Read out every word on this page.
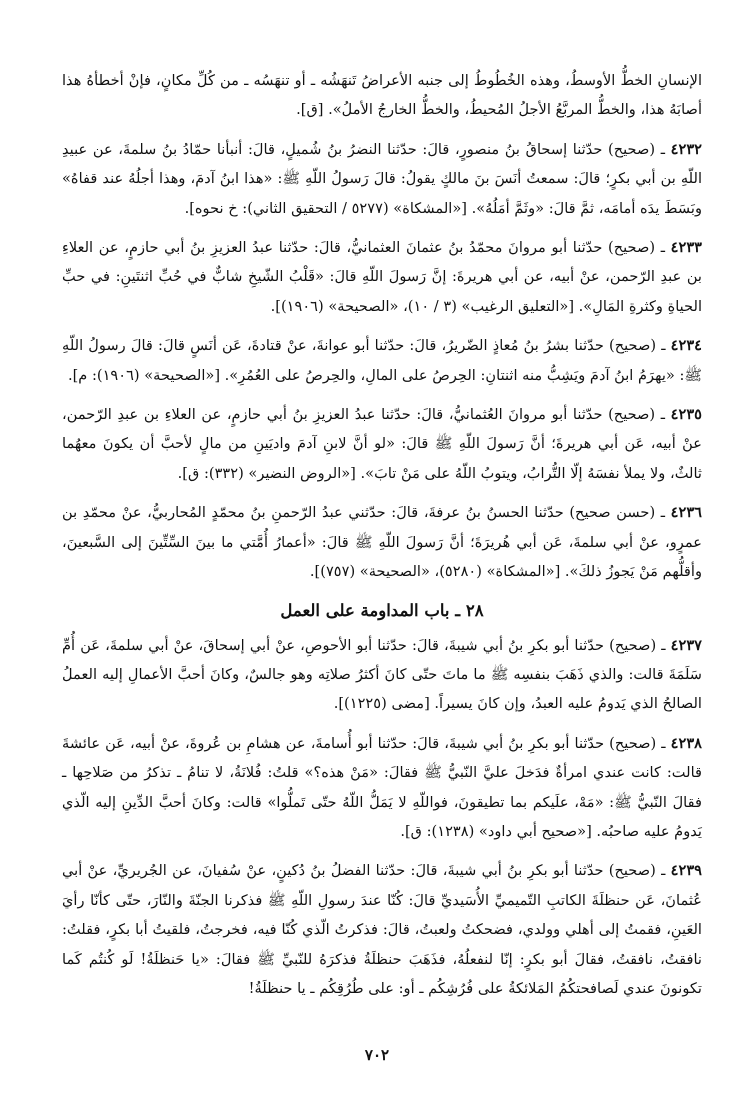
الإنسانِ الخطُّ الأوسطُ، وهذه الخُطُوطُ إلى جنبه الأعراضُ تَنهَشُه ـ أو تنهَسُه ـ من كُلِّ مكانٍ، فإنْ أخطأهُ هذا أصابَهُ هذا، والخطُّ المربَّعُ الأجلُ المُحيطُ، والخطُّ الخارجُ الأملُ». [ق].

٤٢٣٢ ـ (صحيح) حدّثنا إسحاقُ بنُ منصورٍ، قالَ: حدّثنا النضرُ بنُ شُميلٍ، قالَ: أنبأنا حمّادُ بنُ سلمةَ، عن عبيدِ اللّهِ بن أبي بكرٍ؛ قالَ: سمعتُ أنَسَ بنَ مالكٍ يقولُ: قالَ رَسولُ اللّهِ ﷺ: «هذا ابنُ آدمَ، وهذا أجلُهُ عند قفاهُ» وبَسَطَ يدَه أمامَه، ثمَّ قالَ: «وثَمَّ أمَلُهُ». [«المشكاة» (٥٢٧٧ / التحقيق الثاني): خ نحوه].

٤٢٣٣ ـ (صحيح) حدّثنا أبو مروانَ محمّدُ بنُ عثمانَ العثمانيُّ، قالَ: حدّثنا عبدُ العزيزِ بنُ أبي حازمٍ، عن العلاءِ بن عبدِ الرّحمن، عنْ أبيه، عن أبي هريرةَ: إنَّ رَسولَ اللّهِ قالَ: «قَلْبُ الشّيخِ شابٌّ في حُبِّ اثنتَينِ: في حبِّ الحياةِ وكثرةِ المَالِ». [«التعليق الرغيب» (٣ / ١٠)، «الصحيحة» (١٩٠٦)].

٤٢٣٤ ـ (صحيح) حدّثنا بشرُ بنُ مُعاذٍ الضّريرُ، قالَ: حدّثنا أبو عوانةَ، عنْ قتادةَ، عَن أنَسٍ قالَ: قالَ رسولُ اللّهِ ﷺ: «يهرَمُ ابنُ آدمَ ويَشِبُّ منه اثنتانِ: الحِرصُ على المالِ، والحِرصُ على العُمُرِ». [«الصحيحة» (١٩٠٦): م].

٤٢٣٥ ـ (صحيح) حدّثنا أبو مروانَ العُثمانيُّ، قالَ: حدّثنا عبدُ العزيزِ بنُ أبي حازمٍ، عن العلاءِ بن عبدِ الرّحمن، عنْ أبيه، عَن أبي هريرةَ؛ أنَّ رَسولَ اللّهِ ﷺ قالَ: «لو أنَّ لابنِ آدمَ واديَينِ من مالٍ لأحبَّ أن يكونَ معهُما ثالثٌ، ولا يملأ نفسَهُ إلّا التُّرابُ، ويتوبُ اللّهُ على مَنْ تابَ». [«الروض النضير» (٣٣٢): ق].

٤٢٣٦ ـ (حسن صحيح) حدّثنا الحسنُ بنُ عرفةَ، قالَ: حدّثني عبدُ الرّحمنِ بنُ محمّدٍ المُحاربيُّ، عنْ محمّدِ بن عمرٍو، عنْ أبي سلمةَ، عَن أبي هُريرَةَ؛ أنَّ رَسولَ اللّهِ ﷺ قالَ: «أعمارُ أُمَّتي ما بينَ السِّتِّينَ إلى السَّبعينَ، وأقلُّهم مَنْ يَجوزُ ذلكَ». [«المشكاة» (٥٢٨٠)، «الصحيحة» (٧٥٧)].

٢٨ ـ باب المداومة على العمل

٤٢٣٧ ـ (صحيح) حدّثنا أبو بكرِ بنُ أبي شيبةَ، قالَ: حدّثنا أبو الأحوصِ، عنْ أبي إسحاقَ، عنْ أبي سلمةَ، عَن أُمِّ سَلَمَةَ قالت: والذي ذَهَبَ بنفسِه ﷺ ما ماتَ حتّى كانَ أكثرُ صلاتِه وهو جالسٌ، وكانَ أحبَّ الأعمالِ إليه العملُ الصالحُ الذي يَدومُ عليه العبدُ، وإن كانَ يسيراً. [مضى (١٢٢٥)].

٤٢٣٨ ـ (صحيح) حدّثنا أبو بكرِ بنُ أبي شيبةَ، قالَ: حدّثنا أبو أُسامةَ، عن هشامِ بن عُروةَ، عنْ أبيه، عَن عائشةَ قالت: كانت عندي امرأةٌ فدَخلَ عليَّ النّبيُّ ﷺ فقالَ: «مَنْ هذه؟» قلتُ: فُلانَةُ، لا تنامُ ـ تذكرُ من صَلاحِها ـ فقالَ النّبيُّ ﷺ: «مَهْ، علَيكم بما تطيقونَ، فواللّهِ لا يَمَلُّ اللّهُ حتّى تَملُّوا» قالت: وكانَ أحبَّ الدِّينِ إليه الّذي يَدومُ عليه صاحبُه. [«صحيح أبي داود» (١٢٣٨): ق].

٤٢٣٩ ـ (صحيح) حدّثنا أبو بكرِ بنُ أبي شيبةَ، قالَ: حدّثنا الفضلُ بنُ دُكينٍ، عنْ سُفيانَ، عن الجُريريِّ، عنْ أبي عُثمانَ، عَن حنظلَةَ الكاتبِ التّميميِّ الأُسَيديِّ قالَ: كُنّا عندَ رسولِ اللّهِ ﷺ فذكرنا الجنّةَ والنّارَ، حتّى كأنّا رأيَ العَينِ، فقمتُ إلى أهلي وولدي، فضحكتُ ولعبتُ، قالَ: فذكرتُ الّذي كُنّا فيه، فخرجتُ، فلقيتُ أبا بكرٍ، فقلتُ: نافقتُ، نافقتُ، فقالَ أبو بكرٍ: إنّا لنفعلُهُ، فذَهَبَ حنظلَةُ فذكرَهُ للنّبيِّ ﷺ فقالَ: «يا حَنظلَةُ! لَو كُنتُم كَما تكونونَ عندي لَصافحتكُمُ المَلائكةُ على فُرُشِكُم ـ أو: على طُرُقِكُم ـ يا حنظلَةُ!

٧٠٢
